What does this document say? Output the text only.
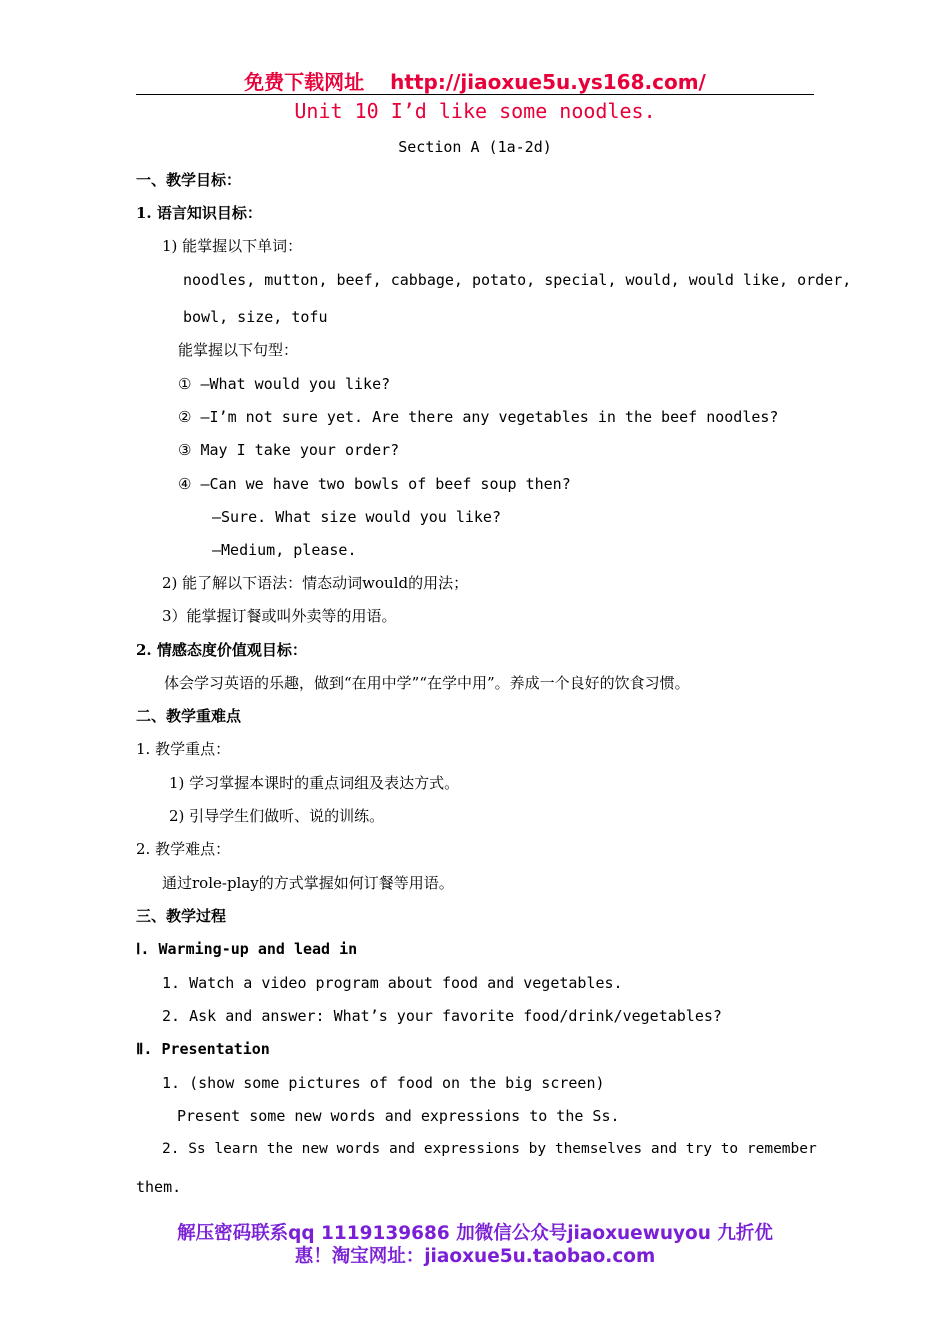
免费下载网址 http://jiaoxue5u.ys168.com/
Unit 10 I’d like some noodles.
Section A (1a-2d)
一、教学目标：
1. 语言知识目标：
1) 能掌握以下单词：
noodles, mutton, beef, cabbage, potato, special, would, would like, order,
bowl, size, tofu
能掌握以下句型：
① —What would you like?
② —I’m not sure yet. Are there any vegetables in the beef noodles?
③ May I take your order?
④ —Can we have two bowls of beef soup then?
—Sure. What size would you like?
—Medium, please.
2) 能了解以下语法：情态动词would的用法；
3）能掌握订餐或叫外卖等的用语。
2. 情感态度价值观目标：
体会学习英语的乐趣，做到“在用中学”“在学中用”。养成一个良好的饮食习惯。
二、教学重难点
1. 教学重点：
1) 学习掌握本课时的重点词组及表达方式。
2) 引导学生们做听、说的训练。
2. 教学难点：
通过role-play的方式掌握如何订餐等用语。
三、教学过程
Ⅰ. Warming-up and lead in
1. Watch a video program about food and vegetables.
2. Ask and answer: What’s your favorite food/drink/vegetables?
Ⅱ. Presentation
1. (show some pictures of food on the big screen)
Present some new words and expressions to the Ss.
2. Ss learn the new words and expressions by themselves and try to remember
them.
解压密码联系qq 1119139686 加微信公众号jiaoxuewuyou 九折优
惠！淘宝网址：jiaoxue5u.taobao.com
